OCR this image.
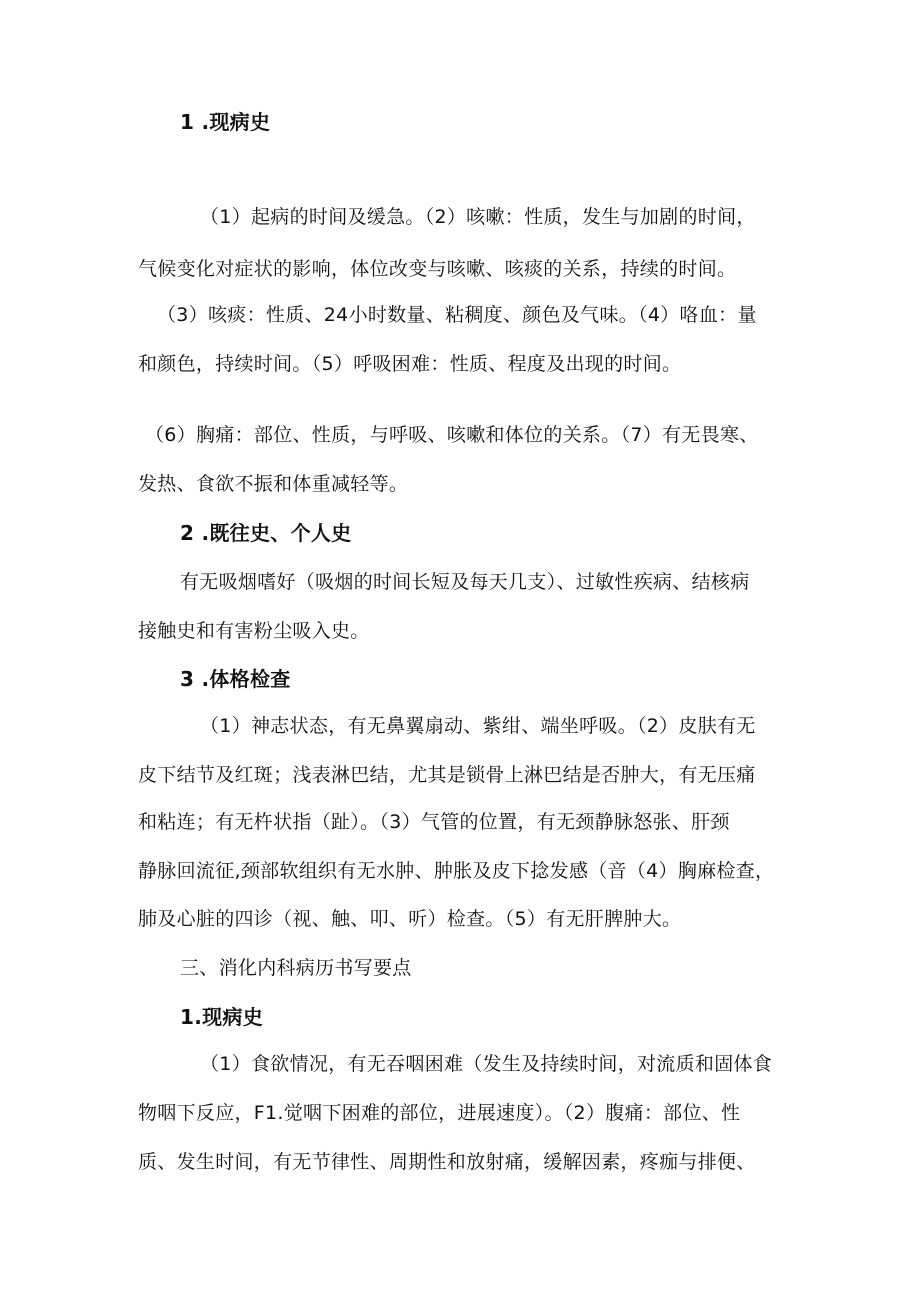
1 .现病史
（1）起病的时间及缓急。（2）咳嗽：性质，发生与加剧的时间，
气候变化对症状的影响，体位改变与咳嗽、咳痰的关系，持续的时间。
（3）咳痰：性质、24小时数量、粘稠度、颜色及气味。（4）咯血：量
和颜色，持续时间。（5）呼吸困难：性质、程度及出现的时间。
（6）胸痛：部位、性质，与呼吸、咳嗽和体位的关系。（7）有无畏寒、
发热、食欲不振和体重减轻等。
2 .既往史、个人史
有无吸烟嗜好（吸烟的时间长短及每天几支）、过敏性疾病、结核病
接触史和有害粉尘吸入史。
3 .体格检查
（1）神志状态，有无鼻翼扇动、紫绀、端坐呼吸。（2）皮肤有无
皮下结节及红斑；浅表淋巴结，尤其是锁骨上淋巴结是否肿大，有无压痛
和粘连；有无杵状指（趾）。（3）气管的位置，有无颈静脉怒张、肝颈
静脉回流征,颈部软组织有无水肿、肿胀及皮下捻发感（音（4）胸麻检查，
肺及心脏的四诊（视、触、叩、听）检查。（5）有无肝脾肿大。
三、消化内科病历书写要点
1.现病史
（1）食欲情况，有无吞咽困难（发生及持续时间，对流质和固体食
物咽下反应，F1.觉咽下困难的部位，进展速度）。（2）腹痛：部位、性
质、发生时间，有无节律性、周期性和放射痛，缓解因素，疼痂与排便、
